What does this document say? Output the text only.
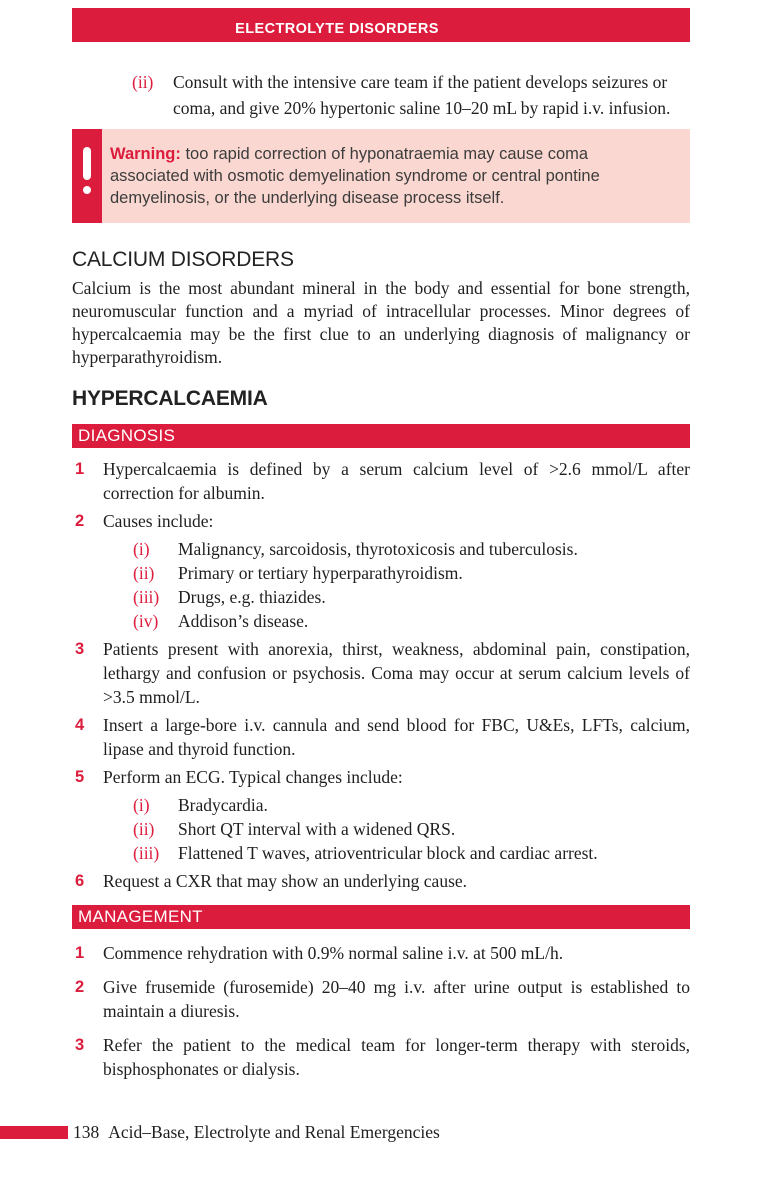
ELECTROLYTE DISORDERS
(ii)	Consult with the intensive care team if the patient develops seizures or coma, and give 20% hypertonic saline 10–20 mL by rapid i.v. infusion.

Warning: too rapid correction of hyponatraemia may cause coma associated with osmotic demyelination syndrome or central pontine demyelinosis, or the underlying disease process itself.

CALCIUM DISORDERS

Calcium is the most abundant mineral in the body and essential for bone strength, neuromuscular function and a myriad of intracellular processes. Minor degrees of hypercalcaemia may be the first clue to an underlying diagnosis of malignancy or hyperparathyroidism.

HYPERCALCAEMIA
DIAGNOSIS
1	Hypercalcaemia is defined by a serum calcium level of >2.6 mmol/L after correction for albumin.
2	Causes include:
(i)	Malignancy, sarcoidosis, thyrotoxicosis and tuberculosis.
(ii)	Primary or tertiary hyperparathyroidism.
(iii)	Drugs, e.g. thiazides.
(iv)	Addison’s disease.
3	Patients present with anorexia, thirst, weakness, abdominal pain, constipation, lethargy and confusion or psychosis. Coma may occur at serum calcium levels of >3.5 mmol/L.
4	Insert a large-bore i.v. cannula and send blood for FBC, U&Es, LFTs, calcium, lipase and thyroid function.
5	Perform an ECG. Typical changes include:
(i)	Bradycardia.
(ii)	Short QT interval with a widened QRS.
(iii)	Flattened T waves, atrioventricular block and cardiac arrest.
6	Request a CXR that may show an underlying cause.
MANAGEMENT
1	Commence rehydration with 0.9% normal saline i.v. at 500 mL/h.
2	Give frusemide (furosemide) 20–40 mg i.v. after urine output is established to maintain a diuresis.
3	Refer the patient to the medical team for longer-term therapy with steroids, bisphosphonates or dialysis.
138 Acid–Base, Electrolyte and Renal Emergencies
